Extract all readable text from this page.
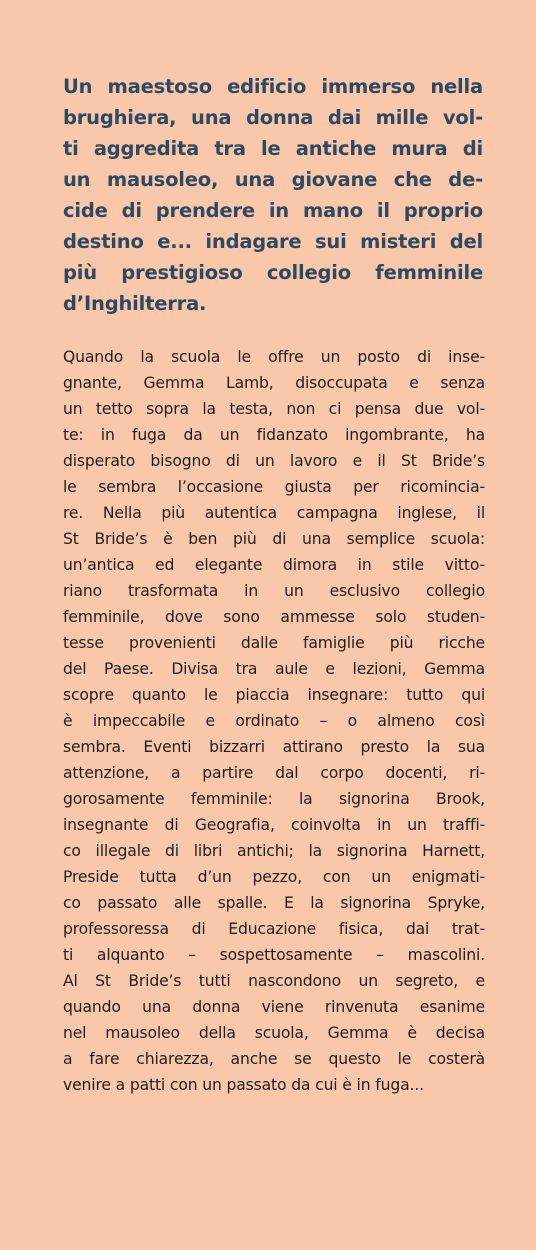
Un maestoso edificio immerso nella
brughiera, una donna dai mille vol-
ti aggredita tra le antiche mura di
un mausoleo, una giovane che de-
cide di prendere in mano il proprio
destino e... indagare sui misteri del
più prestigioso collegio femminile
d’Inghilterra.

Quando la scuola le offre un posto di inse-
gnante, Gemma Lamb, disoccupata e senza
un tetto sopra la testa, non ci pensa due vol-
te: in fuga da un fidanzato ingombrante, ha
disperato bisogno di un lavoro e il St Bride’s
le sembra l’occasione giusta per ricomincia-
re. Nella più autentica campagna inglese, il
St Bride’s è ben più di una semplice scuola:
un’antica ed elegante dimora in stile vitto-
riano trasformata in un esclusivo collegio
femminile, dove sono ammesse solo studen-
tesse provenienti dalle famiglie più ricche
del Paese. Divisa tra aule e lezioni, Gemma
scopre quanto le piaccia insegnare: tutto qui
è impeccabile e ordinato – o almeno così
sembra. Eventi bizzarri attirano presto la sua
attenzione, a partire dal corpo docenti, ri-
gorosamente femminile: la signorina Brook,
insegnante di Geografia, coinvolta in un traffi-
co illegale di libri antichi; la signorina Harnett,
Preside tutta d’un pezzo, con un enigmati-
co passato alle spalle. E la signorina Spryke,
professoressa di Educazione fisica, dai trat-
ti alquanto – sospettosamente – mascolini.
Al St Bride’s tutti nascondono un segreto, e
quando una donna viene rinvenuta esanime
nel mausoleo della scuola, Gemma è decisa
a fare chiarezza, anche se questo le costerà
venire a patti con un passato da cui è in fuga...
